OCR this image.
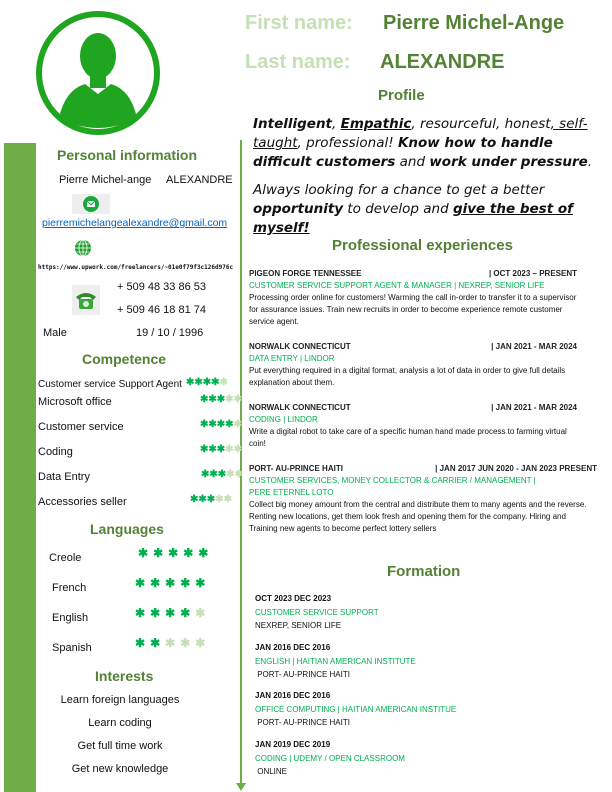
First name: Pierre Michel-Ange
Last name: ALEXANDRE
Profile
Intelligent, Empathic, resourceful, honest, self-taught, professional! Know how to handle difficult customers and work under pressure.
Always looking for a chance to get a better opportunity to develop and give the best of myself!
Personal information
Pierre Michel-ange ALEXANDRE
pierremichelangealexandre@gmail.com
https://www.upwork.com/freelancers/~01e0f79f3c126d976c
+ 509 48 33 86 53
+ 509 46 18 81 74
Male	19 / 10 / 1996
Competence
Customer service Support Agent ✱✱✱✱✱
Microsoft office	✱✱✱✱✱
Customer service	✱✱✱✱✱
Coding	✱✱✱✱✱
Data Entry	✱✱✱✱✱
Accessories seller	✱✱✱✱✱
Languages
Creole	✱✱✱✱✱
French	✱✱✱✱✱
English	✱✱✱✱✱
Spanish	✱✱✱✱✱
Interests
Learn foreign languages
Learn coding
Get full time work
Get new knowledge
Professional experiences
PIGEON FORGE TENNESSEE	| OCT 2023 – PRESENT
CUSTOMER SERVICE SUPPORT AGENT & MANAGER | NEXREP, SENIOR LIFE
Processing order online for customers! Warming the call in-order to transfer it to a supervisor for assurance issues. Train new recruits in order to become experience remote customer service agent.
NORWALK CONNECTICUT	| JAN 2021 - MAR 2024
DATA ENTRY | LINDOR
Put everything required in a digital format, analysis a lot of data in order to give full details explanation about them.
NORWALK CONNECTICUT	| JAN 2021 - MAR 2024
CODING | LINDOR
Write a digital robot to take care of a specific human hand made process to farming virtual coin!
PORT- AU-PRINCE HAITI	| JAN 2017 JUN 2020 - JAN 2023 PRESENT
CUSTOMER SERVICES, MONEY COLLECTOR & CARRIER / MANAGEMENT | PERE ETERNEL LOTO
Collect big money amount from the central and distribute them to many agents and the reverse. Renting new locations, get them look fresh and opening them for the company. Hiring and Training new agents to become perfect lottery sellers
Formation
OCT 2023 DEC 2023
CUSTOMER SERVICE SUPPORT
NEXREP, SENIOR LIFE
JAN 2016 DEC 2016
ENGLISH | HAITIAN AMERICAN INSTITUTE
PORT- AU-PRINCE HAITI
JAN 2016 DEC 2016
OFFICE COMPUTING | HAITIAN AMERICAN INSTITUE
PORT- AU-PRINCE HAITI
JAN 2019 DEC 2019
CODING | UDEMY / OPEN CLASSROOM
ONLINE
